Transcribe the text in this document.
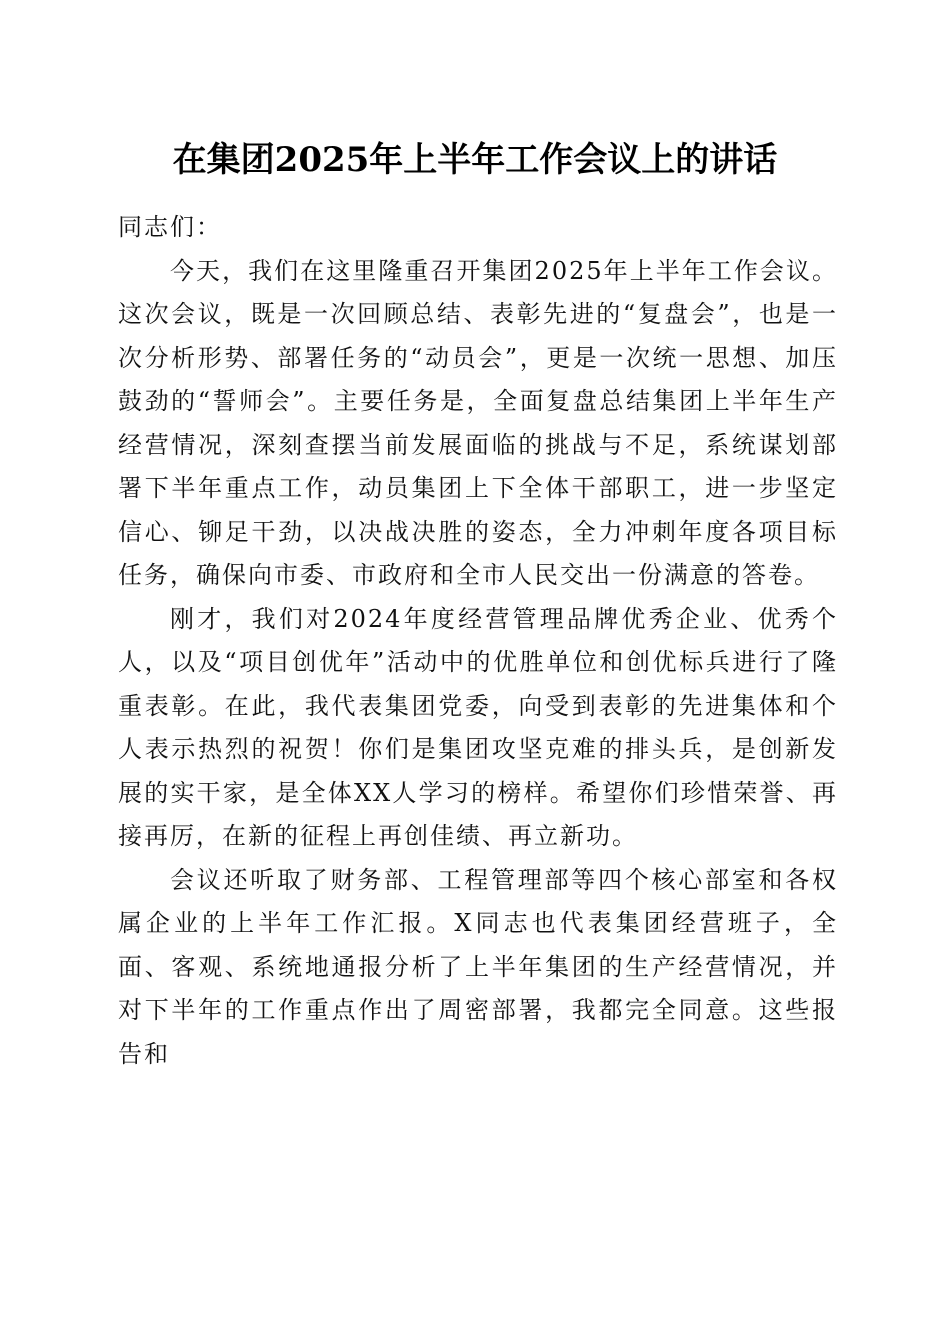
在集团2025年上半年工作会议上的讲话

同志们：

今天，我们在这里隆重召开集团2025年上半年工作会议。这次会议，既是一次回顾总结、表彰先进的“复盘会”，也是一次分析形势、部署任务的“动员会”，更是一次统一思想、加压鼓劲的“誓师会”。主要任务是，全面复盘总结集团上半年生产经营情况，深刻查摆当前发展面临的挑战与不足，系统谋划部署下半年重点工作，动员集团上下全体干部职工，进一步坚定信心、铆足干劲，以决战决胜的姿态，全力冲刺年度各项目标任务，确保向市委、市政府和全市人民交出一份满意的答卷。

刚才，我们对2024年度经营管理品牌优秀企业、优秀个人，以及“项目创优年”活动中的优胜单位和创优标兵进行了隆重表彰。在此，我代表集团党委，向受到表彰的先进集体和个人表示热烈的祝贺！你们是集团攻坚克难的排头兵，是创新发展的实干家，是全体XX人学习的榜样。希望你们珍惜荣誉、再接再厉，在新的征程上再创佳绩、再立新功。

会议还听取了财务部、工程管理部等四个核心部室和各权属企业的上半年工作汇报。X同志也代表集团经营班子，全面、客观、系统地通报分析了上半年集团的生产经营情况，并对下半年的工作重点作出了周密部署，我都完全同意。这些报告和
